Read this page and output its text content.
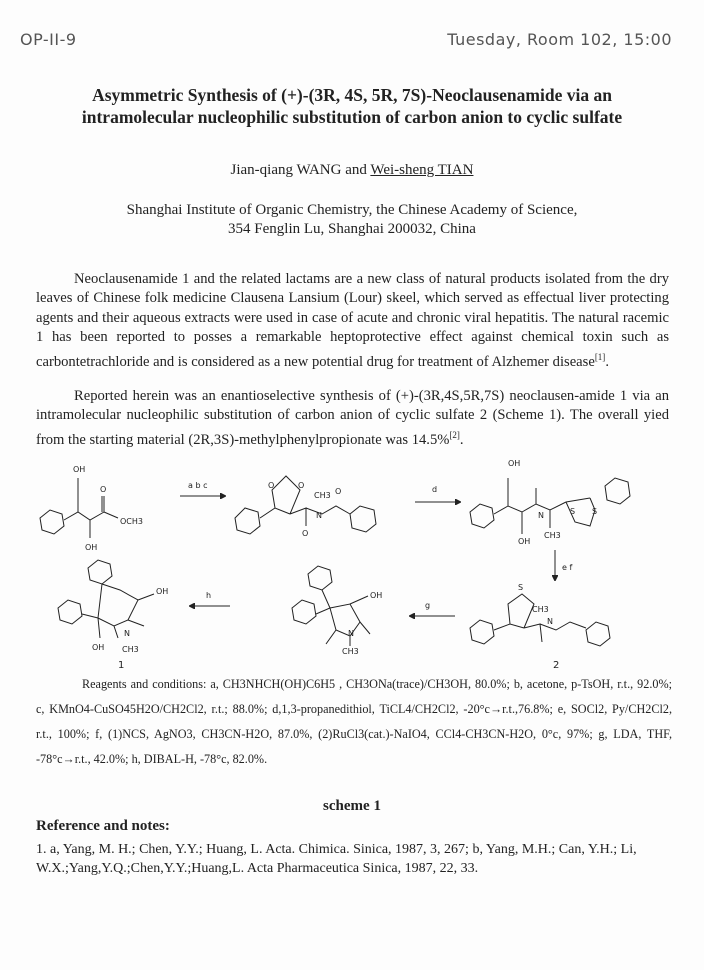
OP-II-9	Tuesday, Room 102, 15:00
Asymmetric Synthesis of (+)-(3R, 4S, 5R, 7S)-Neoclausenamide via an
intramolecular nucleophilic substitution of carbon anion to cyclic sulfate
Jian-qiang WANG and Wei-sheng TIAN
Shanghai Institute of Organic Chemistry, the Chinese Academy of Science,
354 Fenglin Lu, Shanghai 200032, China
Neoclausenamide 1 and the related lactams are a new class of natural products isolated from the dry leaves of Chinese folk medicine Clausena Lansium (Lour) skeel, which served as effectual liver protecting agents and their aqueous extracts were used in case of acute and chronic viral hepatitis. The natural racemic 1 has been reported to posses a remarkable heptoprotective effect against chemical toxin such as carbontetrachloride and is considered as a new potential drug for treatment of Alzhemer disease[1].
Reported herein was an enantioselective synthesis of (+)-(3R,4S,5R,7S) neoclausen-amide 1 via an intramolecular nucleophilic substitution of carbon anion of cyclic sulfate 2 (Scheme 1). The overall yied from the starting material (2R,3S)-methylphenylpropionate was 14.5%[2].
OH
O
OCH3
OH
a b c	O	O
CH3
N
O
O
d
OH
OH
N
CH3
S S
e f
S
N
CH3
g
OH
N
CH3
h
OH
OH
N
CH3
1	2
Reagents and conditions: a, CH3NHCH(OH)C6H5 , CH3ONa(trace)/CH3OH, 80.0%; b, acetone, p-TsOH, r.t., 92.0%; c, KMnO4-CuSO45H2O/CH2Cl2, r.t.; 88.0%; d,1,3-propanedithiol, TiCL4/CH2Cl2, -20°c→r.t.,76.8%; e, SOCl2, Py/CH2Cl2, r.t., 100%; f, (1)NCS, AgNO3, CH3CN-H2O, 87.0%, (2)RuCl3(cat.)-NaIO4, CCl4-CH3CN-H2O, 0°c, 97%; g, LDA, THF, -78°c→r.t., 42.0%; h, DIBAL-H, -78°c, 82.0%.
scheme 1
Reference and notes:
1. a, Yang, M. H.; Chen, Y.Y.; Huang, L. Acta. Chimica. Sinica, 1987, 3, 267; b, Yang, M.H.; Can, Y.H.; Li, W.X.;Yang,Y.Q.;Chen,Y.Y.;Huang,L. Acta Pharmaceutica Sinica, 1987, 22, 33.
